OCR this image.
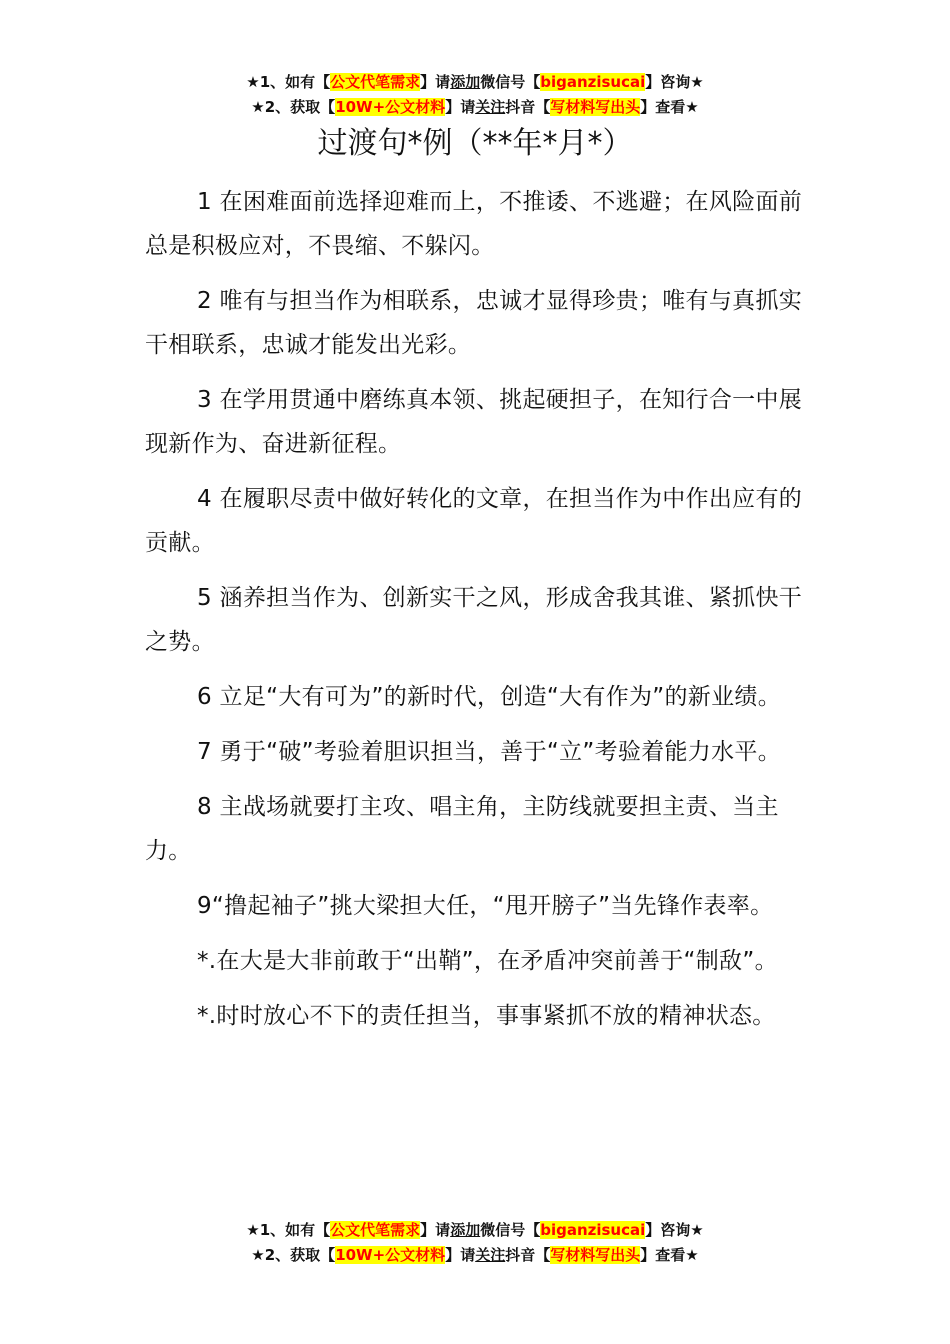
★1、如有【公文代笔需求】请添加微信号【biganzisucai】咨询★
★2、获取【10W+公文材料】请关注抖音【写材料写出头】查看★
过渡句*例（**年*月*）

1 在困难面前选择迎难而上，不推诿、不逃避；在风险面前总是积极应对，不畏缩、不躲闪。

2 唯有与担当作为相联系，忠诚才显得珍贵；唯有与真抓实干相联系，忠诚才能发出光彩。

3 在学用贯通中磨练真本领、挑起硬担子，在知行合一中展现新作为、奋进新征程。

4 在履职尽责中做好转化的文章，在担当作为中作出应有的贡献。

5 涵养担当作为、创新实干之风，形成舍我其谁、紧抓快干之势。

6 立足“大有可为”的新时代，创造“大有作为”的新业绩。

7 勇于“破”考验着胆识担当，善于“立”考验着能力水平。

8 主战场就要打主攻、唱主角，主防线就要担主责、当主力。

9“撸起袖子”挑大梁担大任，“甩开膀子”当先锋作表率。

*.在大是大非前敢于“出鞘”，在矛盾冲突前善于“制敌”。

*.时时放心不下的责任担当，事事紧抓不放的精神状态。

★1、如有【公文代笔需求】请添加微信号【biganzisucai】咨询★
★2、获取【10W+公文材料】请关注抖音【写材料写出头】查看★
